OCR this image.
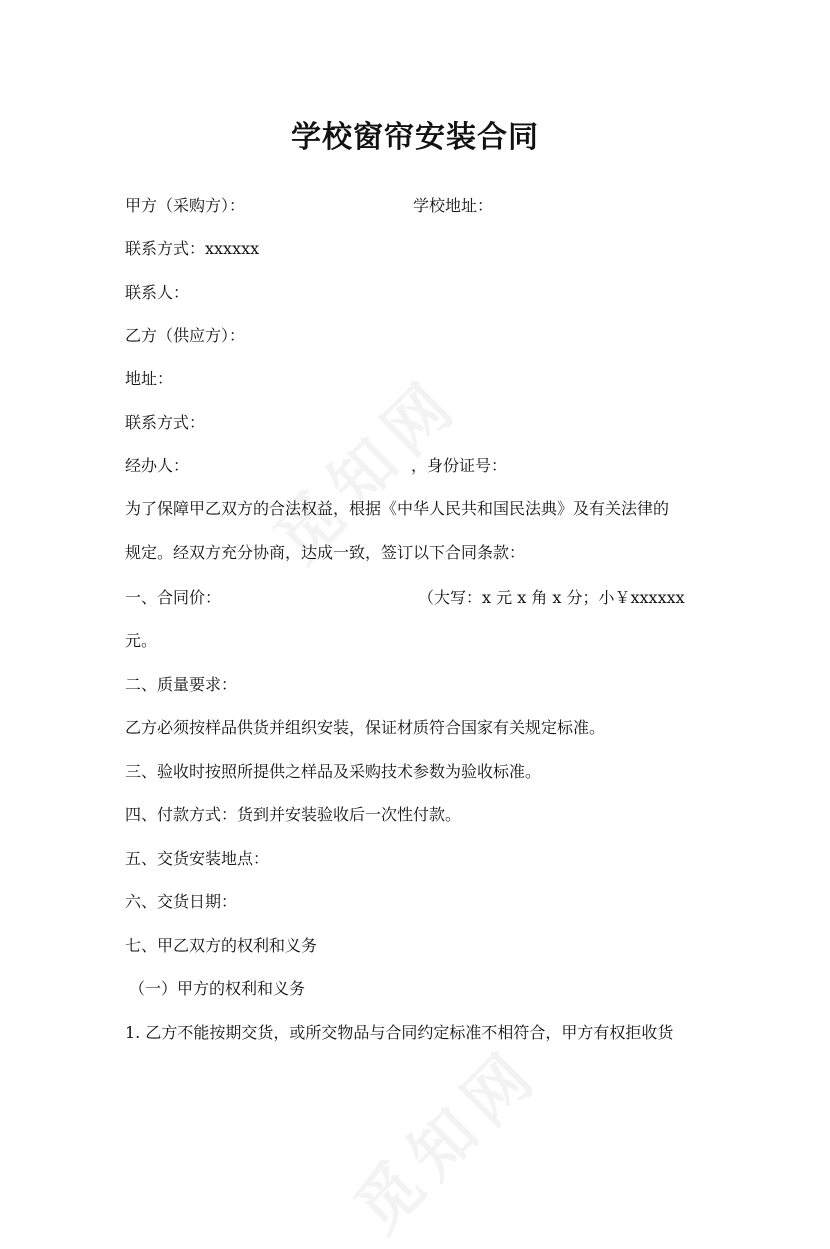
学校窗帘安装合同
甲方（采购方）：	学校地址：
联系方式：xxxxxx
联系人：
乙方（供应方）：
地址：
联系方式：
经办人：	，身份证号：
为了保障甲乙双方的合法权益，根据《中华人民共和国民法典》及有关法律的
规定。经双方充分协商，达成一致，签订以下合同条款：
一、合同价：	（大写：x 元 x 角 x 分；小￥xxxxxx
元。
二、质量要求：
乙方必须按样品供货并组织安装，保证材质符合国家有关规定标准。
三、验收时按照所提供之样品及采购技术参数为验收标准。
四、付款方式：货到并安装验收后一次性付款。
五、交货安装地点：
六、交货日期：
七、甲乙双方的权利和义务
（一）甲方的权利和义务
1. 乙方不能按期交货，或所交物品与合同约定标准不相符合，甲方有权拒收货
